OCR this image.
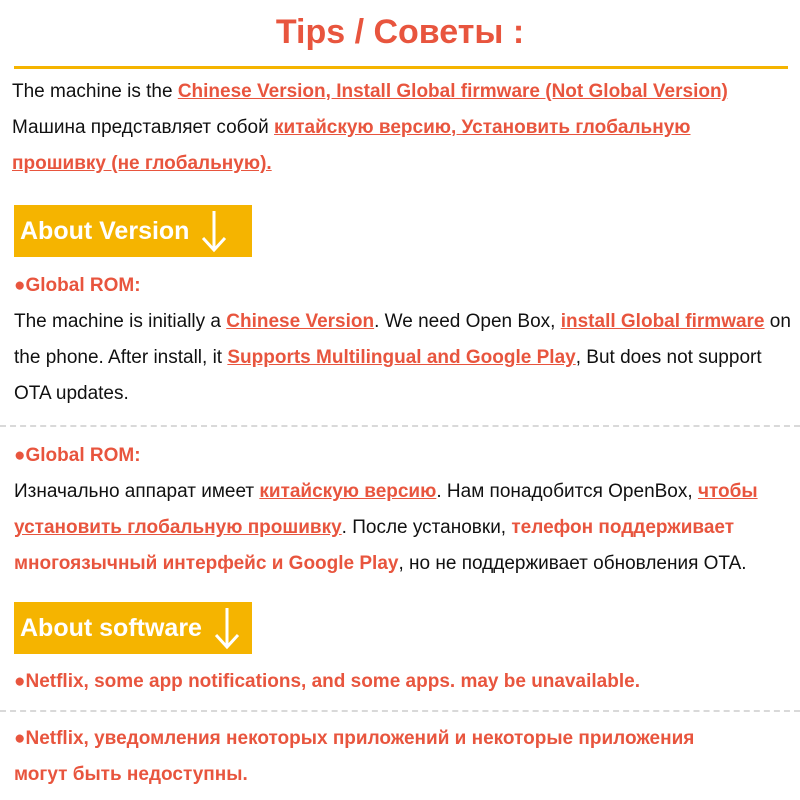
Tips / Советы :
The machine is the Chinese Version, Install Global firmware (Not Global Version)
Машина представляет собой китайскую версию, Установить глобальную прошивку (не глобальную).
About Version
●Global ROM:
The machine is initially a Chinese Version. We need Open Box, install Global firmware on the phone. After install, it Supports Multilingual and Google Play, But does not support OTA updates.
●Global ROM:
Изначально аппарат имеет китайскую версию. Нам понадобится OpenBox, чтобы установить глобальную прошивку. После установки, телефон поддерживает многоязычный интерфейс и Google Play, но не поддерживает обновления OTA.
About software
●Netflix, some app notifications, and some apps. may be unavailable.
●Netflix, уведомления некоторых приложений и некоторые приложения могут быть недоступны.
